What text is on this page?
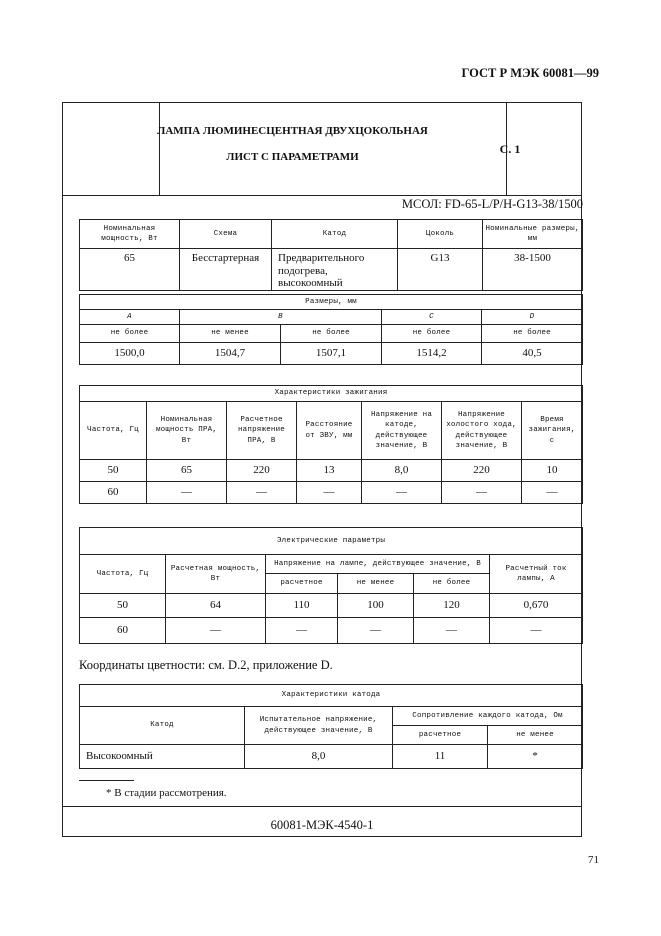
ГОСТ Р МЭК 60081—99
ЛАМПА ЛЮМИНЕСЦЕНТНАЯ ДВУХЦОКОЛЬНАЯ
ЛИСТ С ПАРАМЕТРАМИ
С. 1
МСОЛ: FD-65-L/P/H-G13-38/1500
Номинальная мощность, Вт	Схема	Катод	Цоколь	Номинальные размеры, мм
65	Бесстартерная	Предварительного подогрева, высокоомный	G13	38-1500
Размеры, мм				
A	B		C	D
не более	не менее	не более	не более	не более
1500,0	1504,7	1507,1	1514,2	40,5
Характеристики зажигания						
Частота, Гц	Номинальная мощность ПРА, Вт	Расчетное напряжение ПРА, В	Расстояние от ЗВУ, мм	Напряжение на катоде, действующее значение, В	Напряжение холостого хода, действующее значение, В	Время зажигания, с
50	65	220	13	8,0	220	10
60	—	—	—	—	—	—
Электрические параметры					
Частота, Гц	Расчетная мощность, Вт	Напряжение на лампе, действующее значение, В			Расчетный ток лампы, А
		расчетное	не менее	не более	
50	64	110	100	120	0,670
60	—	—	—	—	—
Координаты цветности: см. D.2, приложение D.
Характеристики катода			
Катод	Испытательное напряжение, действующее значение, В	Сопротивление каждого катода, Ом	
		расчетное	не менее
Высокоомный	8,0	11	*
* В стадии рассмотрения.
60081-МЭК-4540-1
71
